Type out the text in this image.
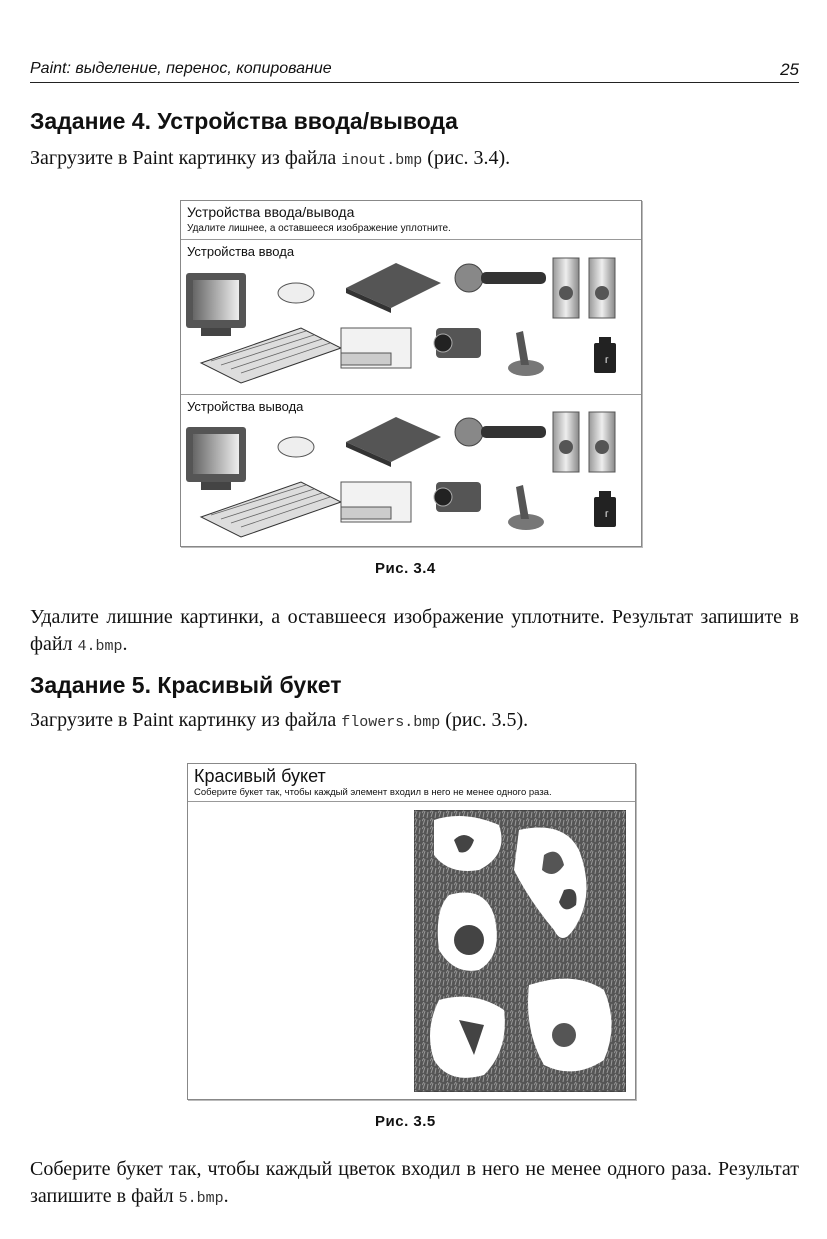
Paint: выделение, перенос, копирование	25
Задание 4. Устройства ввода/вывода
Загрузите в Paint картинку из файла inout.bmp (рис. 3.4).
Устройства ввода/вывода
Удалите лишнее, а оставшееся изображение уплотните.
Устройства ввода
Устройства вывода
г
г
Рис. 3.4
Удалите лишние картинки, а оставшееся изображение уплотните. Результат запишите в файл 4.bmp.
Задание 5. Красивый букет
Загрузите в Paint картинку из файла flowers.bmp (рис. 3.5).
Красивый букет
Соберите букет так, чтобы каждый элемент входил в него не менее одного раза.
Рис. 3.5
Соберите букет так, чтобы каждый цветок входил в него не менее одного раза. Результат запишите в файл 5.bmp.
